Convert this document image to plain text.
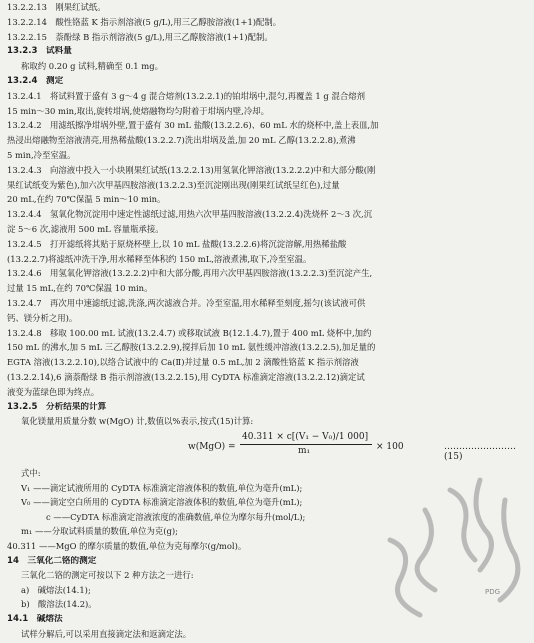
13.2.2.13　刚果红试纸。
13.2.2.14　酸性铬蓝 K 指示剂溶液(5 g/L),用三乙醇胺溶液(1+1)配制。
13.2.2.15　萘酚绿 B 指示剂溶液(5 g/L),用三乙醇胺溶液(1+1)配制。
13.2.3　试料量
称取约 0.20 g 试料,精确至 0.1 mg。
13.2.4　测定
13.2.4.1　将试料置于盛有 3 g～4 g 混合熔剂(13.2.2.1)的铂坩埚中,混匀,再覆盖 1 g 混合熔剂
15 min～30 min,取出,旋转坩埚,使熔融物均匀附着于坩埚内壁,冷却。
13.2.4.2　用滤纸擦净坩埚外壁,置于盛有 30 mL 盐酸(13.2.2.6)、60 mL 水的烧杯中,盖上表皿,加
热浸出熔融物至溶液清亮,用热稀盐酸(13.2.2.7)洗出坩埚及盖,加 20 mL 乙醇(13.2.2.8),煮沸
5 min,冷至室温。
13.2.4.3　向溶液中投入一小块刚果红试纸(13.2.2.13)用氢氧化钾溶液(13.2.2.2)中和大部分酸(刚
果红试纸变为紫色),加六次甲基四胺溶液(13.2.2.3)至沉淀刚出现(刚果红试纸呈红色),过量
20 mL,在约 70℃保温 5 min～10 min。
13.2.4.4　氢氧化物沉淀用中速定性滤纸过滤,用热六次甲基四胺溶液(13.2.2.4)洗烧杯 2～3 次,沉
淀 5～6 次,滤液用 500 mL 容量瓶承接。
13.2.4.5　打开滤纸将其贴于原烧杯壁上,以 10 mL 盐酸(13.2.2.6)将沉淀溶解,用热稀盐酸
(13.2.2.7)将滤纸冲洗干净,用水稀释至体积约 150 mL,溶液煮沸,取下,冷至室温。
13.2.4.6　用氢氧化钾溶液(13.2.2.2)中和大部分酸,再用六次甲基四胺溶液(13.2.2.3)至沉淀产生,
过量 15 mL,在约 70℃保温 10 min。
13.2.4.7　再次用中速滤纸过滤,洗涤,两次滤液合并。冷至室温,用水稀释至刻度,摇匀(该试液可供
钙、镁分析之用)。
13.2.4.8　移取 100.00 mL 试液(13.2.4.7) 或移取试液 B(12.1.4.7),置于 400 mL 烧杯中,加约
150 mL 的沸水,加 5 mL 三乙醇胺(13.2.2.9),搅拌后加 10 mL 氨性缓冲溶液(13.2.2.5),加足量的
EGTA 溶液(13.2.2.10),以络合试液中的 Ca(Ⅱ)并过量 0.5 mL,加 2 滴酸性铬蓝 K 指示剂溶液
(13.2.2.14),6 滴萘酚绿 B 指示剂溶液(13.2.2.15),用 CyDTA 标准滴定溶液(13.2.2.12)滴定试
液变为蓝绿色即为终点。
13.2.5　分析结果的计算
氧化镁量用质量分数 w(MgO) 计,数值以%表示,按式(15)计算:
w(MgO) =
40.311 × c[(V₁ − V₀)/1 000]
m₁	× 100	…………………… (15)
式中:
V₁ ——滴定试液所用的 CyDTA 标准滴定溶液体积的数值,单位为毫升(mL);
V₀ ——滴定空白所用的 CyDTA 标准滴定溶液体积的数值,单位为毫升(mL);
c ——CyDTA 标准滴定溶液浓度的准确数值,单位为摩尔每升(mol/L);
m₁ ——分取试料质量的数值,单位为克(g);
40.311 ——MgO 的摩尔质量的数值,单位为克每摩尔(g/mol)。
14　三氧化二铬的测定
三氧化二铬的测定可按以下 2 种方法之一进行:
a)　碱熔法(14.1);
b)　酸溶法(14.2)。
14.1　碱熔法
试样分解后,可以采用直接滴定法和返滴定法。
PDG
